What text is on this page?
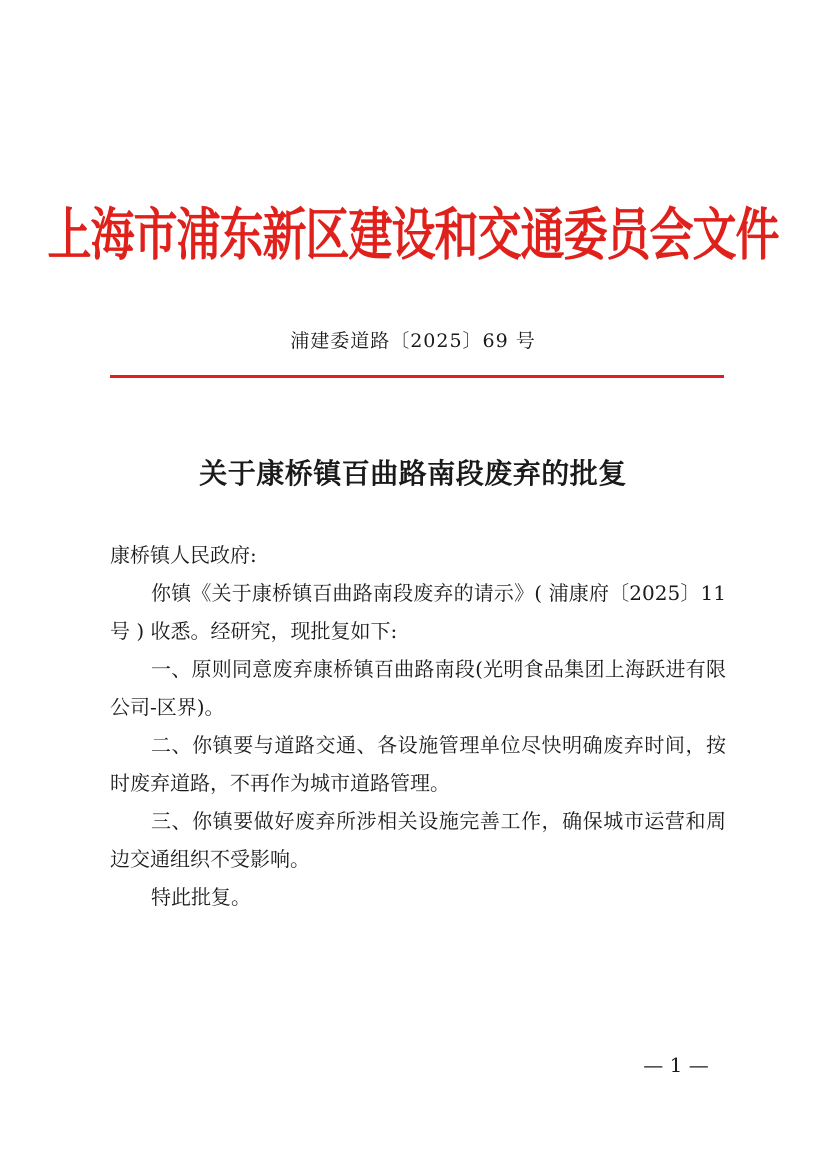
上海市浦东新区建设和交通委员会文件
浦建委道路〔2025〕69 号
关于康桥镇百曲路南段废弃的批复

康桥镇人民政府:

你镇《关于康桥镇百曲路南段废弃的请示》( 浦康府〔2025〕11 号 ) 收悉。经研究，现批复如下:

一、原则同意废弃康桥镇百曲路南段(光明食品集团上海跃进有限公司-区界)。

二、你镇要与道路交通、各设施管理单位尽快明确废弃时间，按时废弃道路，不再作为城市道路管理。

三、你镇要做好废弃所涉相关设施完善工作，确保城市运营和周边交通组织不受影响。

特此批复。

— 1 —
